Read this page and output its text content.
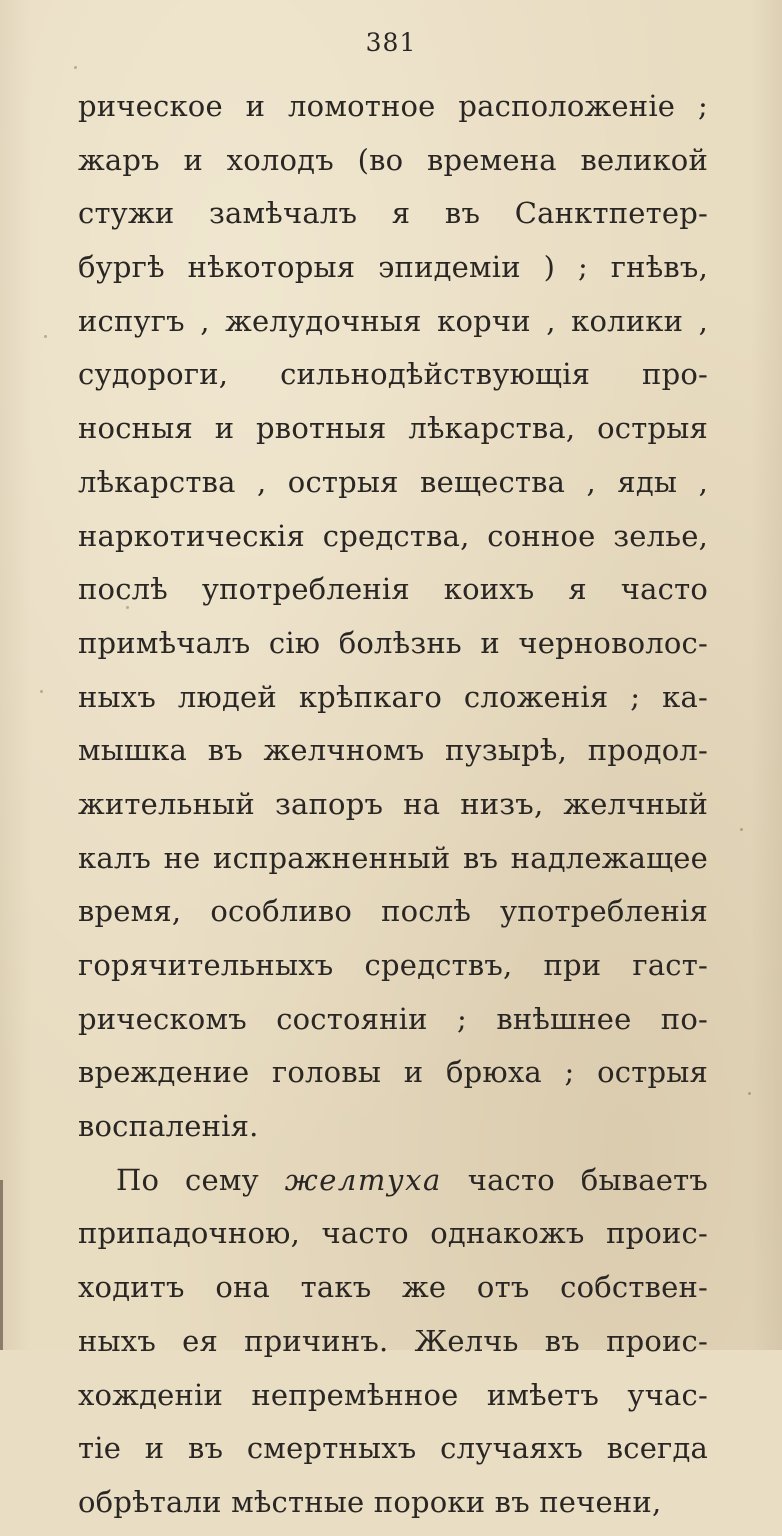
381
рическое и ломотное расположеніе ;
жаръ и холодъ (во времена великой
стужи замѣчалъ я въ Санктпетер-
бургѣ нѣкоторыя эпидеміи ) ; гнѣвъ,
испугъ , желудочныя корчи , колики ,
судороги, сильнодѣйствующія про-
носныя и рвотныя лѣкарства, острыя
лѣкарства , острыя вещества , яды ,
наркотическія средства, сонное зелье,
послѣ употребленія коихъ я часто
примѣчалъ сію болѣзнь и черноволос-
ныхъ людей крѣпкаго сложенія ; ка-
мышка въ желчномъ пузырѣ, продол-
жительный запоръ на низъ, желчный
калъ не испражненный въ надлежащее
время, особливо послѣ употребленія
горячительныхъ средствъ, при гаст-
рическомъ состояніи ; внѣшнее по-
вреждение головы и брюха ; острыя
воспаленія.
По сему желтуха часто бываетъ
припадочною, часто однакожъ проис-
ходитъ она такъ же отъ собствен-
ныхъ ея причинъ. Желчь въ проис-
хожденіи непремѣнное имѣетъ учас-
тіе и въ смертныхъ случаяхъ всегда
обрѣтали мѣстные пороки въ печени,
